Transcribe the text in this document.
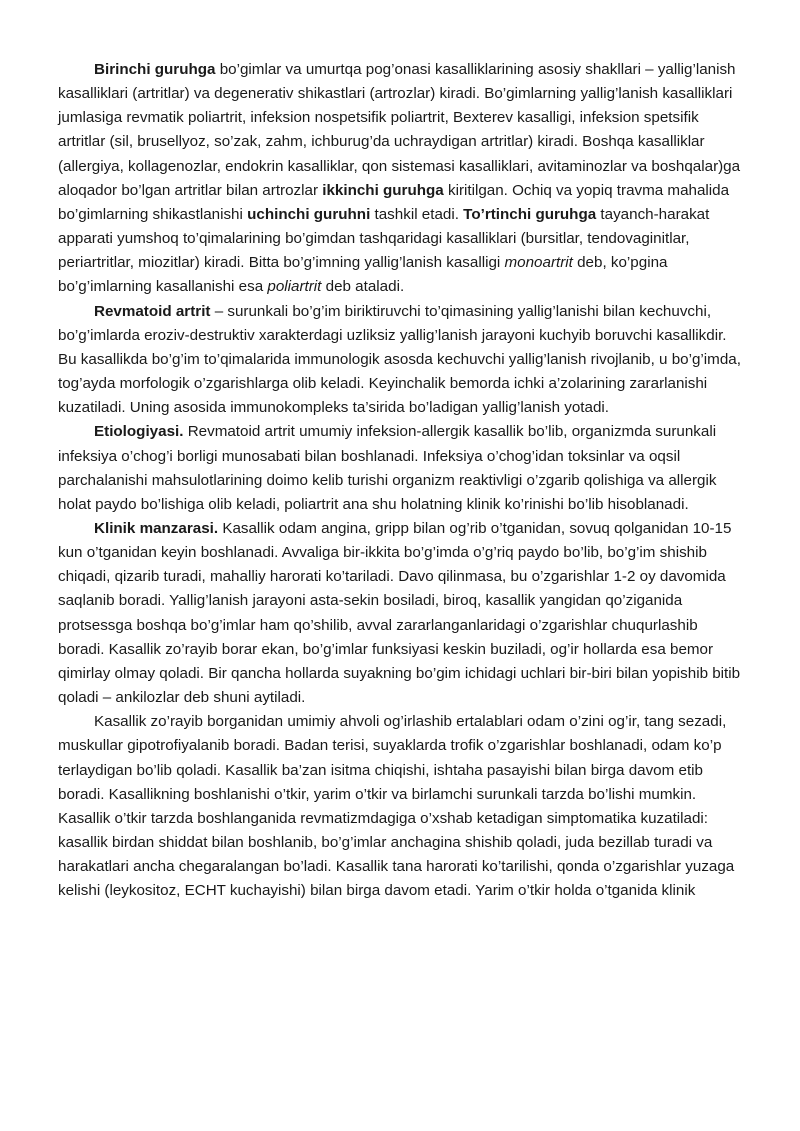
Birinchi guruhga bo’gimlar va umurtqa pog’onasi kasalliklarining asosiy shakllari – yallig’lanish kasalliklari (artritlar) va degenerativ shikastlari (artrozlar) kiradi. Bo’gimlarning yallig’lanish kasalliklari jumlasiga revmatik poliartrit, infeksion nospetsifik poliartrit, Bexterev kasalligi, infeksion spetsifik artritlar (sil, brusellyoz, so’zak, zahm, ichburug’da uchraydigan artritlar) kiradi. Boshqa kasalliklar (allergiya, kollagenozlar, endokrin kasalliklar, qon sistemasi kasalliklari, avitaminozlar va boshqalar)ga aloqador bo’lgan artritlar bilan artrozlar ikkinchi guruhga kiritilgan. Ochiq va yopiq travma mahalida bo’gimlarning shikastlanishi uchinchi guruhni tashkil etadi. To’rtinchi guruhga tayanch-harakat apparati yumshoq to’qimalarining bo’gimdan tashqaridagi kasalliklari (bursitlar, tendovaginitlar, periartritlar, miozitlar) kiradi. Bitta bo’g’imning yallig’lanish kasalligi monoartrit deb, ko’pgina bo’g’imlarning kasallanishi esa poliartrit deb ataladi.

Revmatoid artrit – surunkali bo’g’im biriktiruvchi to’qimasining yallig’lanishi bilan kechuvchi, bo’g’imlarda eroziv-destruktiv xarakterdagi uzliksiz yallig’lanish jarayoni kuchyib boruvchi kasallikdir. Bu kasallikda bo’g’im to’qimalarida immunologik asosda kechuvchi yallig’lanish rivojlanib, u bo’g’imda, tog’ayda morfologik o’zgarishlarga olib keladi. Keyinchalik bemorda ichki a’zolarining zararlanishi kuzatiladi. Uning asosida immunokompleks ta’sirida bo’ladigan yallig’lanish yotadi.

Etiologiyasi. Revmatoid artrit umumiy infeksion-allergik kasallik bo’lib, organizmda surunkali infeksiya o’chog’i borligi munosabati bilan boshlanadi. Infeksiya o’chog’idan toksinlar va oqsil parchalanishi mahsulotlarining doimo kelib turishi organizm reaktivligi o’zgarib qolishiga va allergik holat paydo bo’lishiga olib keladi, poliartrit ana shu holatning klinik ko’rinishi bo’lib hisoblanadi.

Klinik manzarasi. Kasallik odam angina, gripp bilan og’rib o’tganidan, sovuq qolganidan 10-15 kun o’tganidan keyin boshlanadi. Avvaliga bir-ikkita bo’g’imda o’g’riq paydo bo’lib, bo’g’im shishib chiqadi, qizarib turadi, mahalliy harorati ko’tariladi. Davo qilinmasa, bu o’zgarishlar 1-2 oy davomida saqlanib boradi. Yallig’lanish jarayoni asta-sekin bosiladi, biroq, kasallik yangidan qo’ziganida protsessga boshqa bo’g’imlar ham qo’shilib, avval zararlanganlaridagi o’zgarishlar chuqurlashib boradi. Kasallik zo’rayib borar ekan, bo’g’imlar funksiyasi keskin buziladi, og’ir hollarda esa bemor qimirlay olmay qoladi. Bir qancha hollarda suyakning bo’gim ichidagi uchlari bir-biri bilan yopishib bitib qoladi – ankilozlar deb shuni aytiladi.

Kasallik zo’rayib borganidan umimiy ahvoli og’irlashib ertalablari odam o’zini og’ir, tang sezadi, muskullar gipotrofiyalanib boradi. Badan terisi, suyaklarda trofik o’zgarishlar boshlanadi, odam ko’p terlaydigan bo’lib qoladi. Kasallik ba’zan isitma chiqishi, ishtaha pasayishi bilan birga davom etib boradi. Kasallikning boshlanishi o’tkir, yarim o’tkir va birlamchi surunkali tarzda bo’lishi mumkin. Kasallik o’tkir tarzda boshlanganida revmatizmdagiga o’xshab ketadigan simptomatika kuzatiladi: kasallik birdan shiddat bilan boshlanib, bo’g’imlar anchagina shishib qoladi, juda bezillab turadi va harakatlari ancha chegaralangan bo’ladi. Kasallik tana harorati ko’tarilishi, qonda o’zgarishlar yuzaga kelishi (leykositoz, ECHT kuchayishi) bilan birga davom etadi. Yarim o’tkir holda o’tganida klinik
